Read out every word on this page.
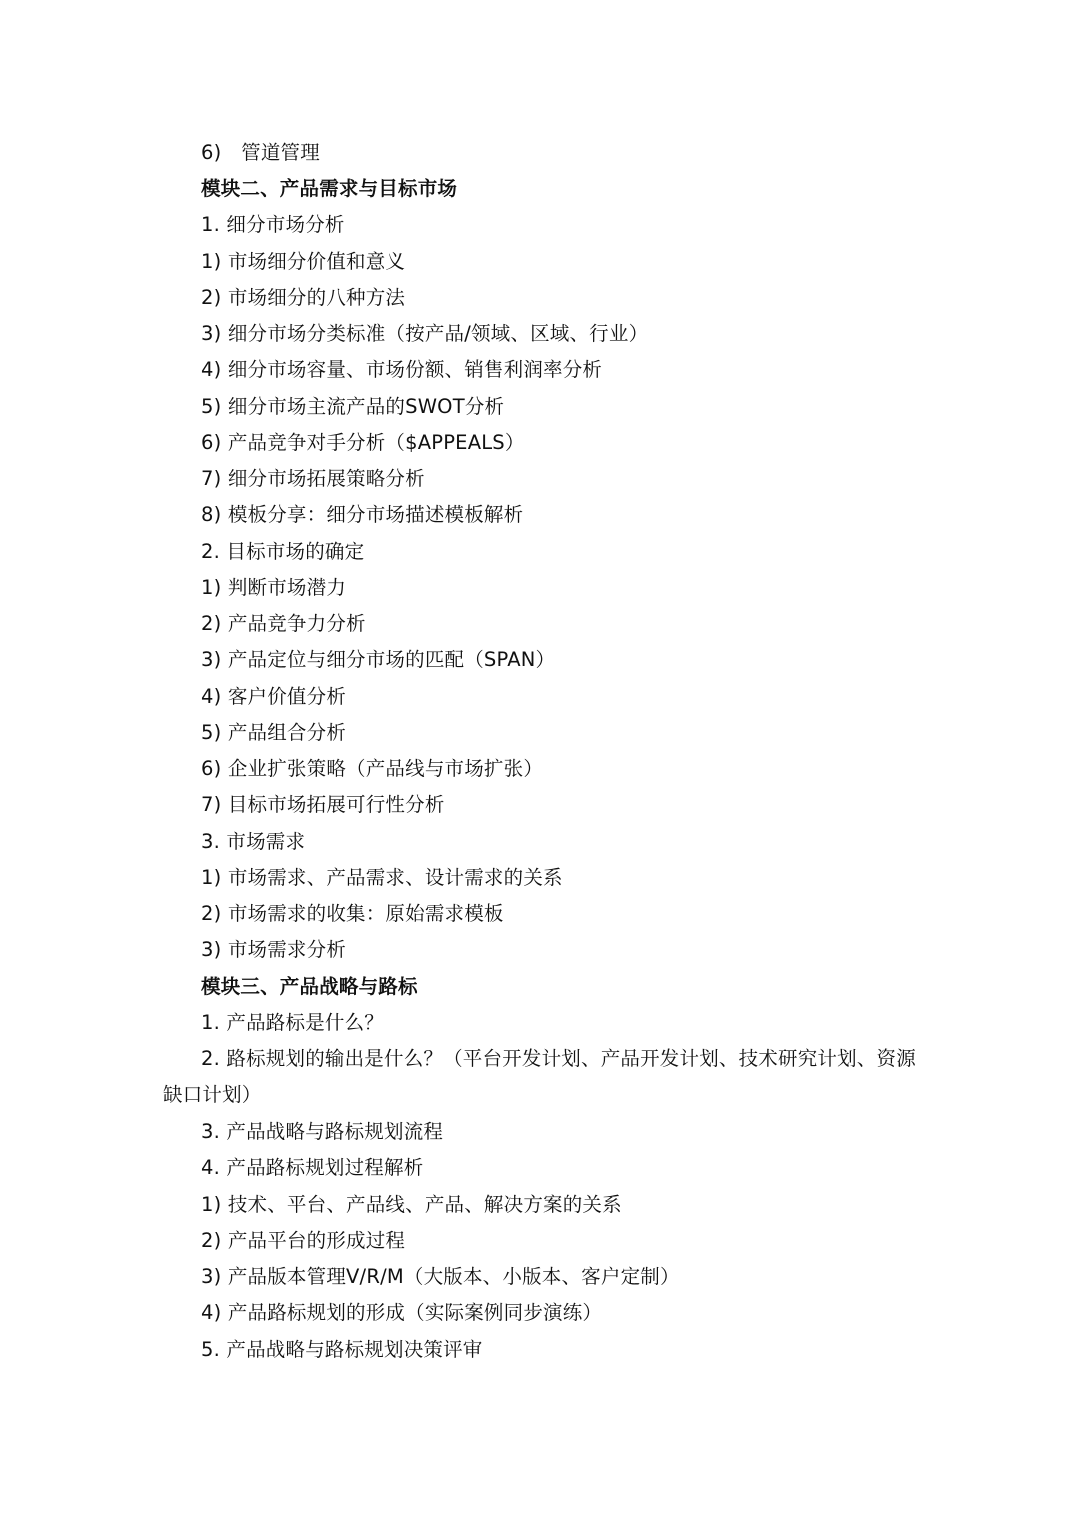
6)　管道管理
模块二、产品需求与目标市场
1. 细分市场分析
1) 市场细分价值和意义
2) 市场细分的八种方法
3) 细分市场分类标准（按产品/领域、区域、行业）
4) 细分市场容量、市场份额、销售利润率分析
5) 细分市场主流产品的SWOT分析
6) 产品竞争对手分析（$APPEALS）
7) 细分市场拓展策略分析
8) 模板分享：细分市场描述模板解析
2. 目标市场的确定
1) 判断市场潜力
2) 产品竞争力分析
3) 产品定位与细分市场的匹配（SPAN）
4) 客户价值分析
5) 产品组合分析
6) 企业扩张策略（产品线与市场扩张）
7) 目标市场拓展可行性分析
3. 市场需求
1) 市场需求、产品需求、设计需求的关系
2) 市场需求的收集：原始需求模板
3) 市场需求分析
模块三、产品战略与路标
1. 产品路标是什么？
2. 路标规划的输出是什么？（平台开发计划、产品开发计划、技术研究计划、资源缺口计划）
3. 产品战略与路标规划流程
4. 产品路标规划过程解析
1) 技术、平台、产品线、产品、解决方案的关系
2) 产品平台的形成过程
3) 产品版本管理V/R/M（大版本、小版本、客户定制）
4) 产品路标规划的形成（实际案例同步演练）
5. 产品战略与路标规划决策评审
